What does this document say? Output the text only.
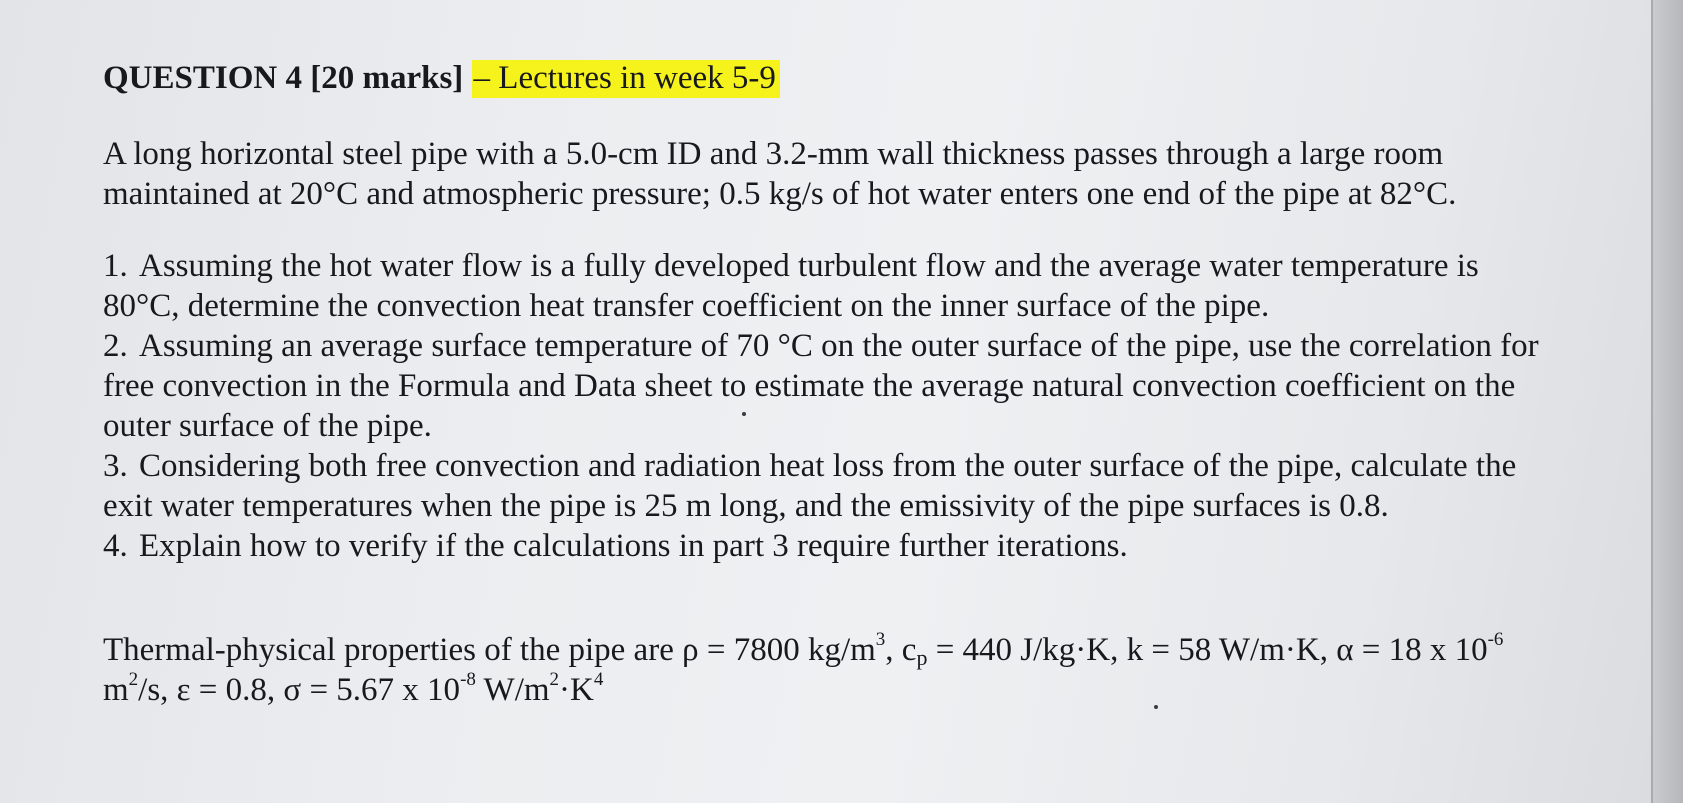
QUESTION 4 [20 marks] – Lectures in week 5-9
A long horizontal steel pipe with a 5.0-cm ID and 3.2-mm wall thickness passes through a large room
maintained at 20°C and atmospheric pressure; 0.5 kg/s of hot water enters one end of the pipe at 82°C.
1. Assuming the hot water flow is a fully developed turbulent flow and the average water temperature is
80°C, determine the convection heat transfer coefficient on the inner surface of the pipe.
2. Assuming an average surface temperature of 70 °C on the outer surface of the pipe, use the correlation for
free convection in the Formula and Data sheet to estimate the average natural convection coefficient on the
outer surface of the pipe.
3. Considering both free convection and radiation heat loss from the outer surface of the pipe, calculate the
exit water temperatures when the pipe is 25 m long, and the emissivity of the pipe surfaces is 0.8.
4. Explain how to verify if the calculations in part 3 require further iterations.
Thermal-physical properties of the pipe are ρ = 7800 $kg/m^3$, $c_p = 440$ J/kg·K, k = 58 W/m·K, α = 18 x $10^{-6}$
$m^2/s$, ε = 0.8, σ = 5.67 x $10^{-8}$ $W/m^2\cdot K^4$
